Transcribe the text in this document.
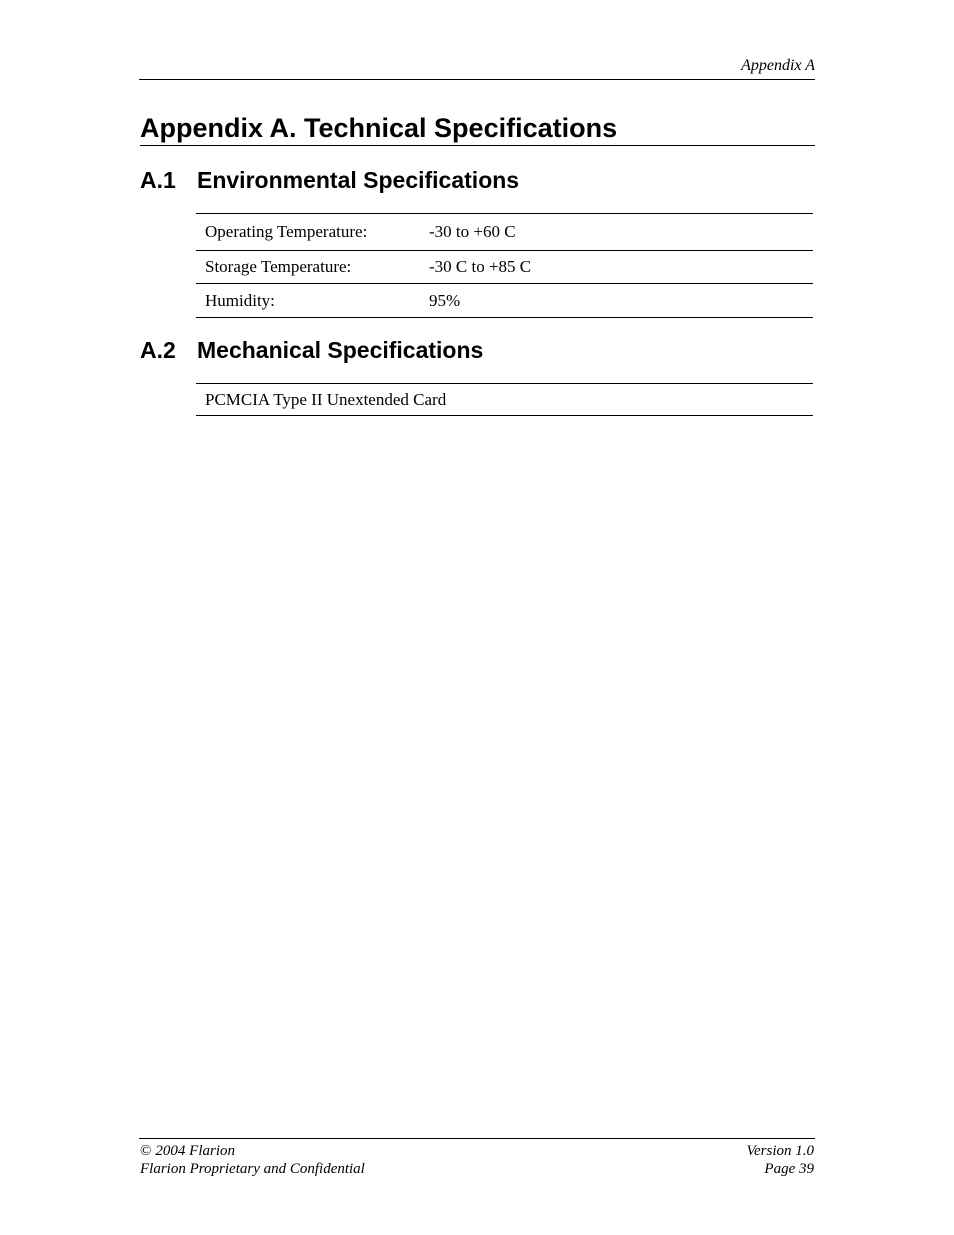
Appendix A
Appendix A. Technical Specifications
A.1 Environmental Specifications
Operating Temperature:	-30 to +60 C
Storage Temperature:	-30 C to +85 C
Humidity:	95%
A.2 Mechanical Specifications
PCMCIA Type II Unextended Card
© 2004 Flarion
Flarion Proprietary and Confidential
Version 1.0
Page 39
